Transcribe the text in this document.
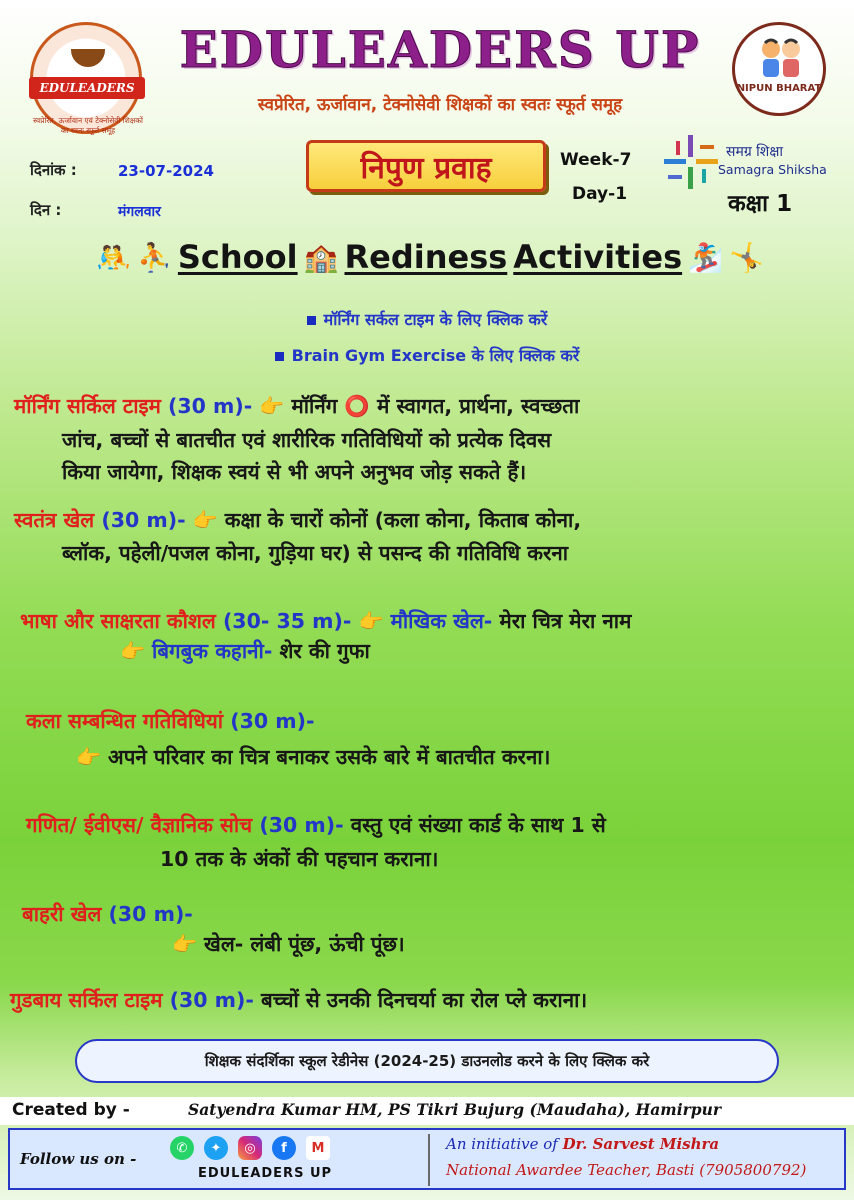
EDULEADERS
स्वप्रेरित, ऊर्जावान एवं टेक्नोसेवी शिक्षकों का स्वतः स्फूर्त समूह
EDULEADERS UP
स्वप्रेरित, ऊर्जावान, टेक्नोसेवी शिक्षकों का स्वतः स्फूर्त समूह
NIPUN BHARAT
दिनांक :	23-07-2024
दिन :	मंगलवार
निपुण प्रवाह	Week-7
Day-1
समग्र शिक्षा
Samagra Shiksha
कक्षा 1
🤼 ⛹ School 🏫 Rediness Activities 🏂 🤸
मॉर्निंग सर्कल टाइम के लिए क्लिक करें
Brain Gym Exercise के लिए क्लिक करें
मॉर्निंग सर्किल टाइम (30 m)- 👉 मॉर्निंग ⭕ में स्वागत, प्रार्थना, स्वच्छता
जांच, बच्चों से बातचीत एवं शारीरिक गतिविधियों को प्रत्येक दिवस
किया जायेगा, शिक्षक स्वयं से भी अपने अनुभव जोड़ सकते हैं।
स्वतंत्र खेल (30 m)- 👉 कक्षा के चारों कोनों (कला कोना, किताब कोना,
ब्लॉक, पहेली/पजल कोना, गुड़िया घर) से पसन्द की गतिविधि करना
भाषा और साक्षरता कौशल (30- 35 m)- 👉 मौखिक खेल- मेरा चित्र मेरा नाम
👉 बिगबुक कहानी- शेर की गुफा
कला सम्बन्धित गतिविधियां (30 m)-
👉 अपने परिवार का चित्र बनाकर उसके बारे में बातचीत करना।
गणित/ ईवीएस/ वैज्ञानिक सोच (30 m)- वस्तु एवं संख्या कार्ड के साथ 1 से
10 तक के अंकों की पहचान कराना।
बाहरी खेल (30 m)-
👉 खेल- लंबी पूंछ, ऊंची पूंछ।
गुडबाय सर्किल टाइम (30 m)- बच्चों से उनकी दिनचर्या का रोल प्ले कराना।
शिक्षक संदर्शिका स्कूल रेडीनेस (2024-25) डाउनलोड करने के लिए क्लिक करे
Created by -	Satyendra Kumar HM, PS Tikri Bujurg (Maudaha), Hamirpur
Follow us on -
✆	✦	◎	f	M
EDULEADERS UP
An initiative of Dr. Sarvest Mishra
National Awardee Teacher, Basti (7905800792)
